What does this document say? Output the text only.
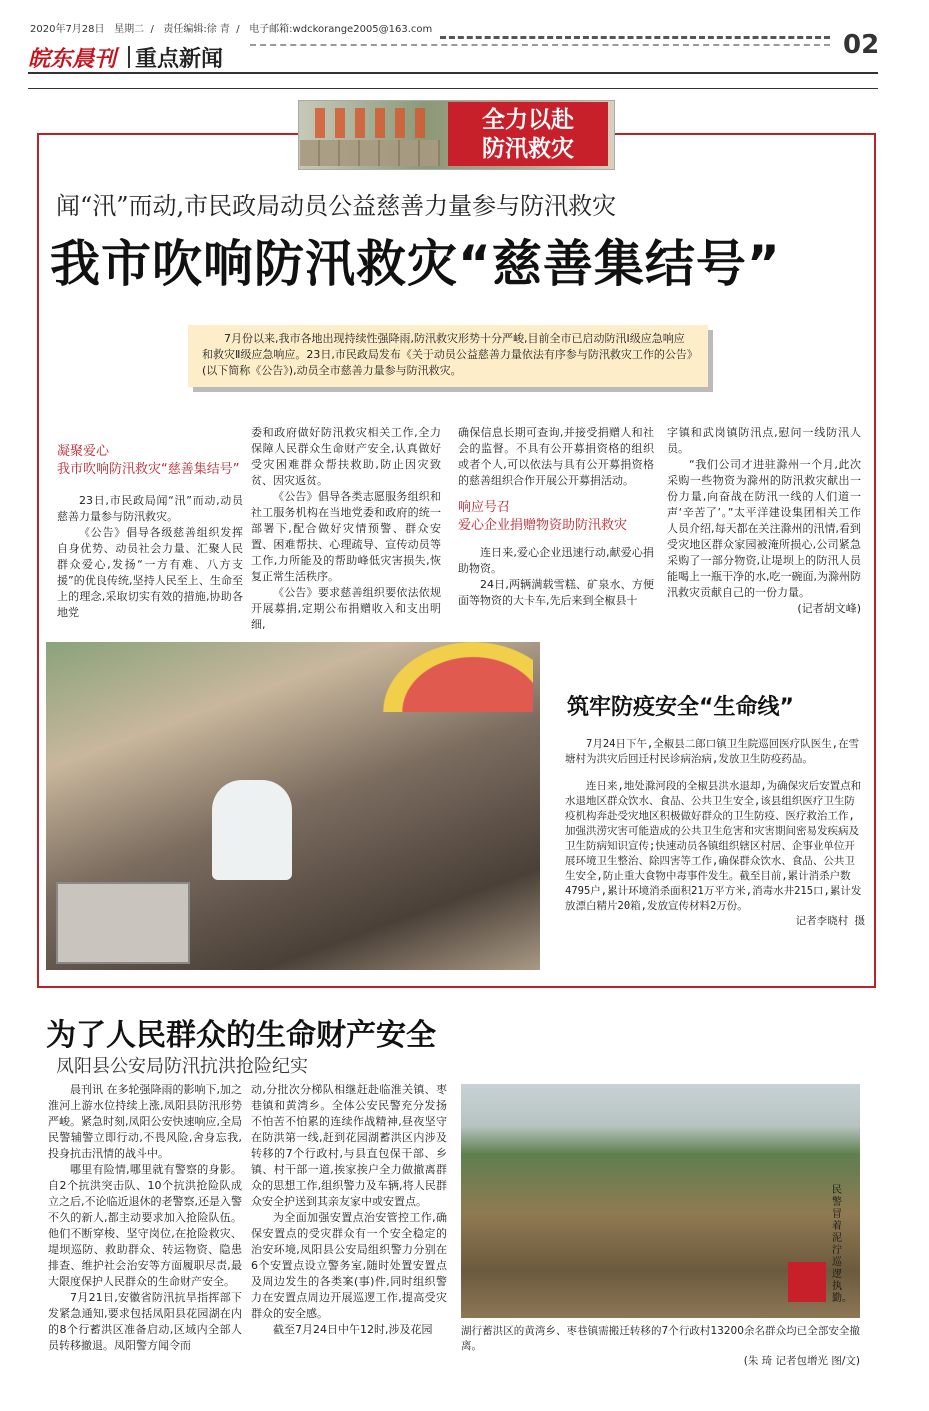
2020年7月28日 星期二  /   责任编辑:徐 青  /   电子邮箱:wdckorange2005@163.com
02
皖东晨刊 重点新闻
全力以赴
防汛救灾
闻“汛”而动,市民政局动员公益慈善力量参与防汛救灾
我市吹响防汛救灾“慈善集结号”
7月份以来,我市各地出现持续性强降雨,防汛救灾形势十分严峻,目前全市已启动防汛Ⅰ级应急响应和救灾Ⅱ级应急响应。23日,市民政局发布《关于动员公益慈善力量依法有序参与防汛救灾工作的公告》(以下简称《公告》),动员全市慈善力量参与防汛救灾。
凝聚爱心
我市吹响防汛救灾“慈善集结号”

23日,市民政局闻“汛”而动,动员慈善力量参与防汛救灾。

《公告》倡导各级慈善组织发挥自身优势、动员社会力量、汇聚人民群众爱心,发扬“一方有难、八方支援”的优良传统,坚持人民至上、生命至上的理念,采取切实有效的措施,协助各地党

委和政府做好防汛救灾相关工作,全力保障人民群众生命财产安全,认真做好受灾困难群众帮扶救助,防止因灾致贫、因灾返贫。

《公告》倡导各类志愿服务组织和社工服务机构在当地党委和政府的统一部署下,配合做好灾情预警、群众安置、困难帮扶、心理疏导、宣传动员等工作,力所能及的帮助峰低灾害损失,恢复正常生活秩序。

《公告》要求慈善组织要依法依规开展募捐,定期公布捐赠收入和支出明细,

确保信息长期可查询,并接受捐赠人和社会的监督。不具有公开募捐资格的组织或者个人,可以依法与具有公开募捐资格的慈善组织合作开展公开募捐活动。

响应号召
爱心企业捐赠物资助防汛救灾

连日来,爱心企业迅速行动,献爱心捐助物资。

24日,两辆满载雪糕、矿泉水、方便面等物资的大卡车,先后来到全椒县十

字镇和武岗镇防汛点,慰问一线防汛人员。

“我们公司才进驻滁州一个月,此次采购一些物资为滁州的防汛救灾献出一份力量,向奋战在防汛一线的人们道一声‘辛苦了’。”太平洋建设集团相关工作人员介绍,每天都在关注滁州的汛情,看到受灾地区群众家园被淹所损心,公司紧急采购了一部分物资,让堤坝上的防汛人员能喝上一瓶干净的水,吃一碗面,为滁州防汛救灾贡献自己的一份力量。

(记者胡文峰)
筑牢防疫安全“生命线”

7月24日下午,全椒县二郎口镇卫生院巡回医疗队医生,在雪塘村为洪灾后回迁村民诊病治病,发放卫生防疫药品。

连日来,地处滁河段的全椒县洪水退却,为确保灾后安置点和水退地区群众饮水、食品、公共卫生安全,该县组织医疗卫生防疫机构奔赴受灾地区积极做好群众的卫生防疫、医疗救治工作,加强洪涝灾害可能造成的公共卫生危害和灾害期间密易发疾病及卫生防病知识宣传;快速动员各镇组织辖区村居、企事业单位开展环境卫生整治、除四害等工作,确保群众饮水、食品、公共卫生安全,防止重大食物中毒事件发生。截至目前,累计消杀户数4795户,累计环境消杀面积21万平方米,消毒水井215口,累计发放漂白精片20箱,发放宣传材料2万份。

记者李晓村 摄
为了人民群众的生命财产安全
凤阳县公安局防汛抗洪抢险纪实

晨刊讯 在多轮强降雨的影响下,加之淮河上游水位持续上涨,凤阳县防汛形势严峻。紧急时刻,凤阳公安快速响应,全局民警辅警立即行动,不畏风险,舍身忘我,投身抗击汛情的战斗中。

哪里有险情,哪里就有警察的身影。自2个抗洪突击队、10个抗洪抢险队成立之后,不论临近退休的老警察,还是入警不久的新人,都主动要求加入抢险队伍。他们不断穿梭、坚守岗位,在抢险救灾、堤坝巡防、救助群众、转运物资、隐患排查、维护社会治安等方面履职尽责,最大限度保护人民群众的生命财产安全。

7月21日,安徽省防汛抗旱指挥部下发紧急通知,要求包括凤阳县花园湖在内的8个行蓄洪区准备启动,区域内全部人员转移撤退。凤阳警方闻令而

动,分批次分梯队相继赶赴临淮关镇、枣巷镇和黄湾乡。全体公安民警充分发扬不怕苦不怕累的连续作战精神,昼夜坚守在防洪第一线,赶到花园湖蓄洪区内涉及转移的7个行政村,与县直包保干部、乡镇、村干部一道,挨家挨户全力做撤离群众的思想工作,组织警力及车辆,将人民群众安全护送到其亲友家中或安置点。

为全面加强安置点治安管控工作,确保安置点的受灾群众有一个安全稳定的治安环境,凤阳县公安局组织警力分别在6个安置点设立警务室,随时处置安置点及周边发生的各类案(事)件,同时组织警力在安置点周边开展巡逻工作,提高受灾群众的安全感。

截至7月24日中午12时,涉及花园

民警冒着泥泞巡逻执勤。
湖行蓄洪区的黄湾乡、枣巷镇需搬迁转移的7个行政村13200余名群众均已全部安全撤离。
(朱 琦 记者包增光 图/文)
